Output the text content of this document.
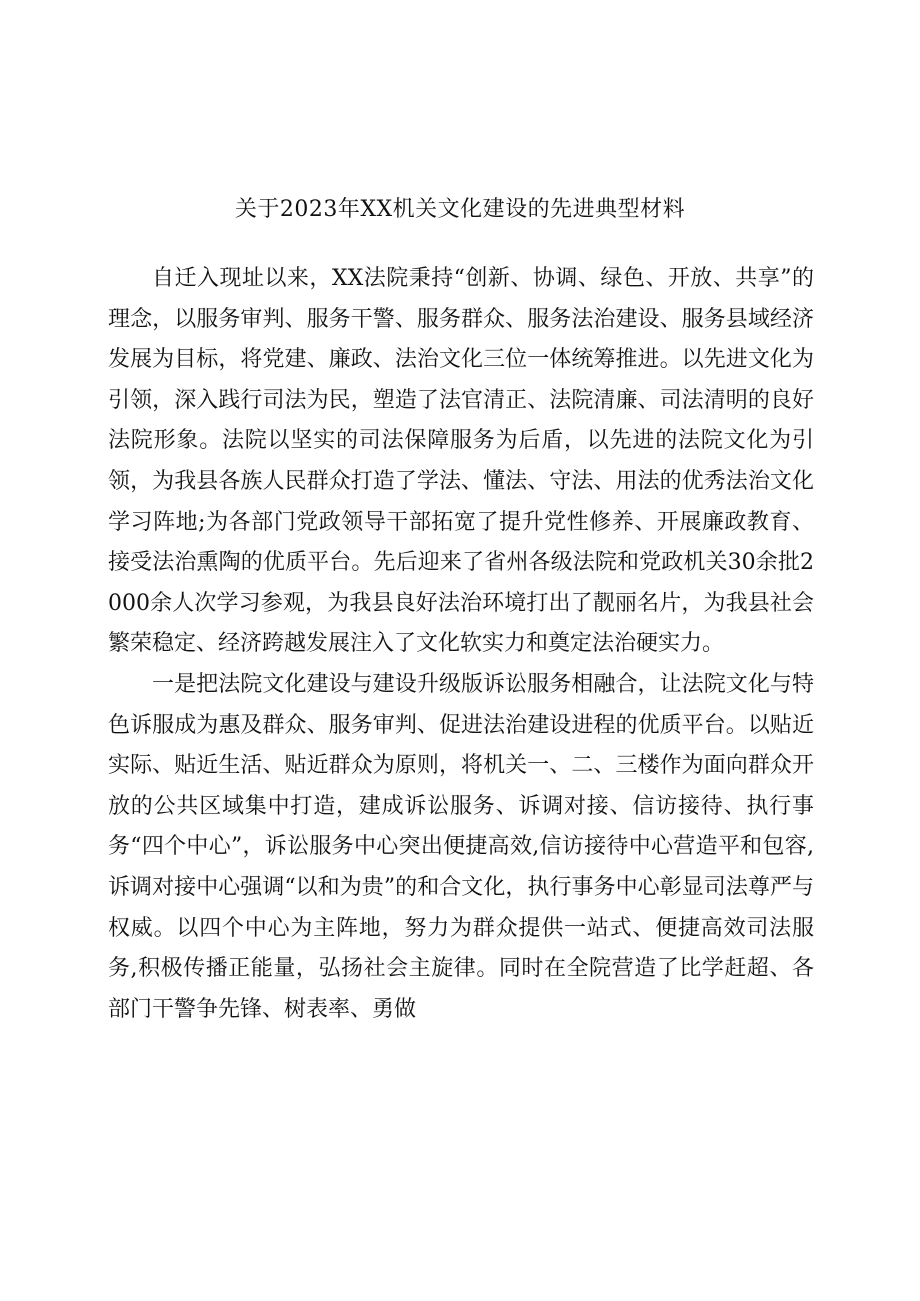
关于2023年XX机关文化建设的先进典型材料

自迁入现址以来，XX法院秉持“创新、协调、绿色、开放、共享”的理念，以服务审判、服务干警、服务群众、服务法治建设、服务县域经济发展为目标，将党建、廉政、法治文化三位一体统筹推进。以先进文化为引领，深入践行司法为民，塑造了法官清正、法院清廉、司法清明的良好法院形象。法院以坚实的司法保障服务为后盾，以先进的法院文化为引领，为我县各族人民群众打造了学法、懂法、守法、用法的优秀法治文化学习阵地;为各部门党政领导干部拓宽了提升党性修养、开展廉政教育、接受法治熏陶的优质平台。先后迎来了省州各级法院和党政机关30余批2000余人次学习参观，为我县良好法治环境打出了靓丽名片，为我县社会繁荣稳定、经济跨越发展注入了文化软实力和奠定法治硬实力。

一是把法院文化建设与建设升级版诉讼服务相融合，让法院文化与特色诉服成为惠及群众、服务审判、促进法治建设进程的优质平台。以贴近实际、贴近生活、贴近群众为原则，将机关一、二、三楼作为面向群众开放的公共区域集中打造，建成诉讼服务、诉调对接、信访接待、执行事务“四个中心”，诉讼服务中心突出便捷高效,信访接待中心营造平和包容,诉调对接中心强调“以和为贵”的和合文化，执行事务中心彰显司法尊严与权威。以四个中心为主阵地，努力为群众提供一站式、便捷高效司法服务,积极传播正能量，弘扬社会主旋律。同时在全院营造了比学赶超、各部门干警争先锋、树表率、勇做
